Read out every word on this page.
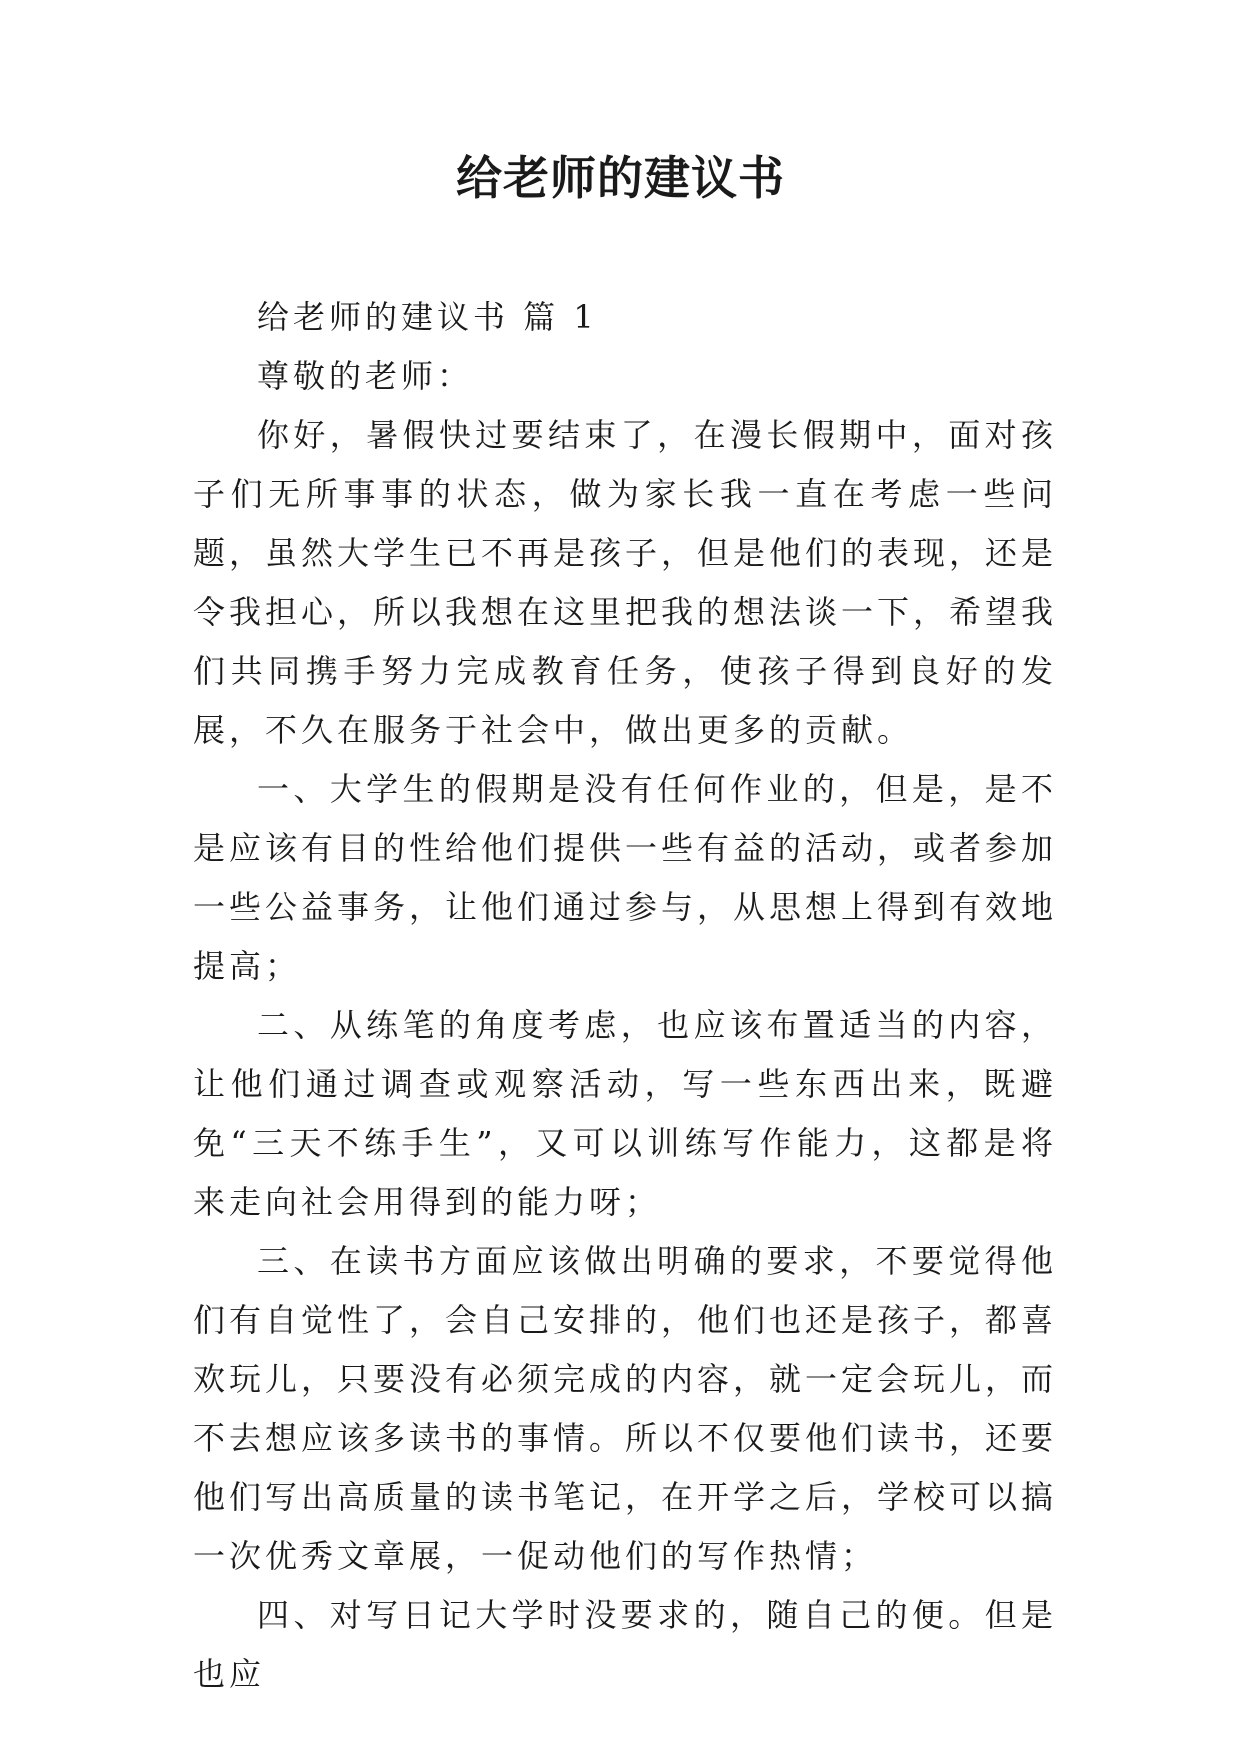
给老师的建议书

给老师的建议书 篇 1

尊敬的老师：

你好，暑假快过要结束了，在漫长假期中，面对孩子们无所事事的状态，做为家长我一直在考虑一些问题，虽然大学生已不再是孩子，但是他们的表现，还是令我担心，所以我想在这里把我的想法谈一下，希望我们共同携手努力完成教育任务，使孩子得到良好的发展，不久在服务于社会中，做出更多的贡献。

一、大学生的假期是没有任何作业的，但是，是不是应该有目的性给他们提供一些有益的活动，或者参加一些公益事务，让他们通过参与，从思想上得到有效地提高；

二、从练笔的角度考虑，也应该布置适当的内容，让他们通过调查或观察活动，写一些东西出来，既避免“三天不练手生”，又可以训练写作能力，这都是将来走向社会用得到的能力呀；

三、在读书方面应该做出明确的要求，不要觉得他们有自觉性了，会自己安排的，他们也还是孩子，都喜欢玩儿，只要没有必须完成的内容，就一定会玩儿，而不去想应该多读书的事情。所以不仅要他们读书，还要他们写出高质量的读书笔记，在开学之后，学校可以搞一次优秀文章展，一促动他们的写作热情；

四、对写日记大学时没要求的，随自己的便。但是也应
